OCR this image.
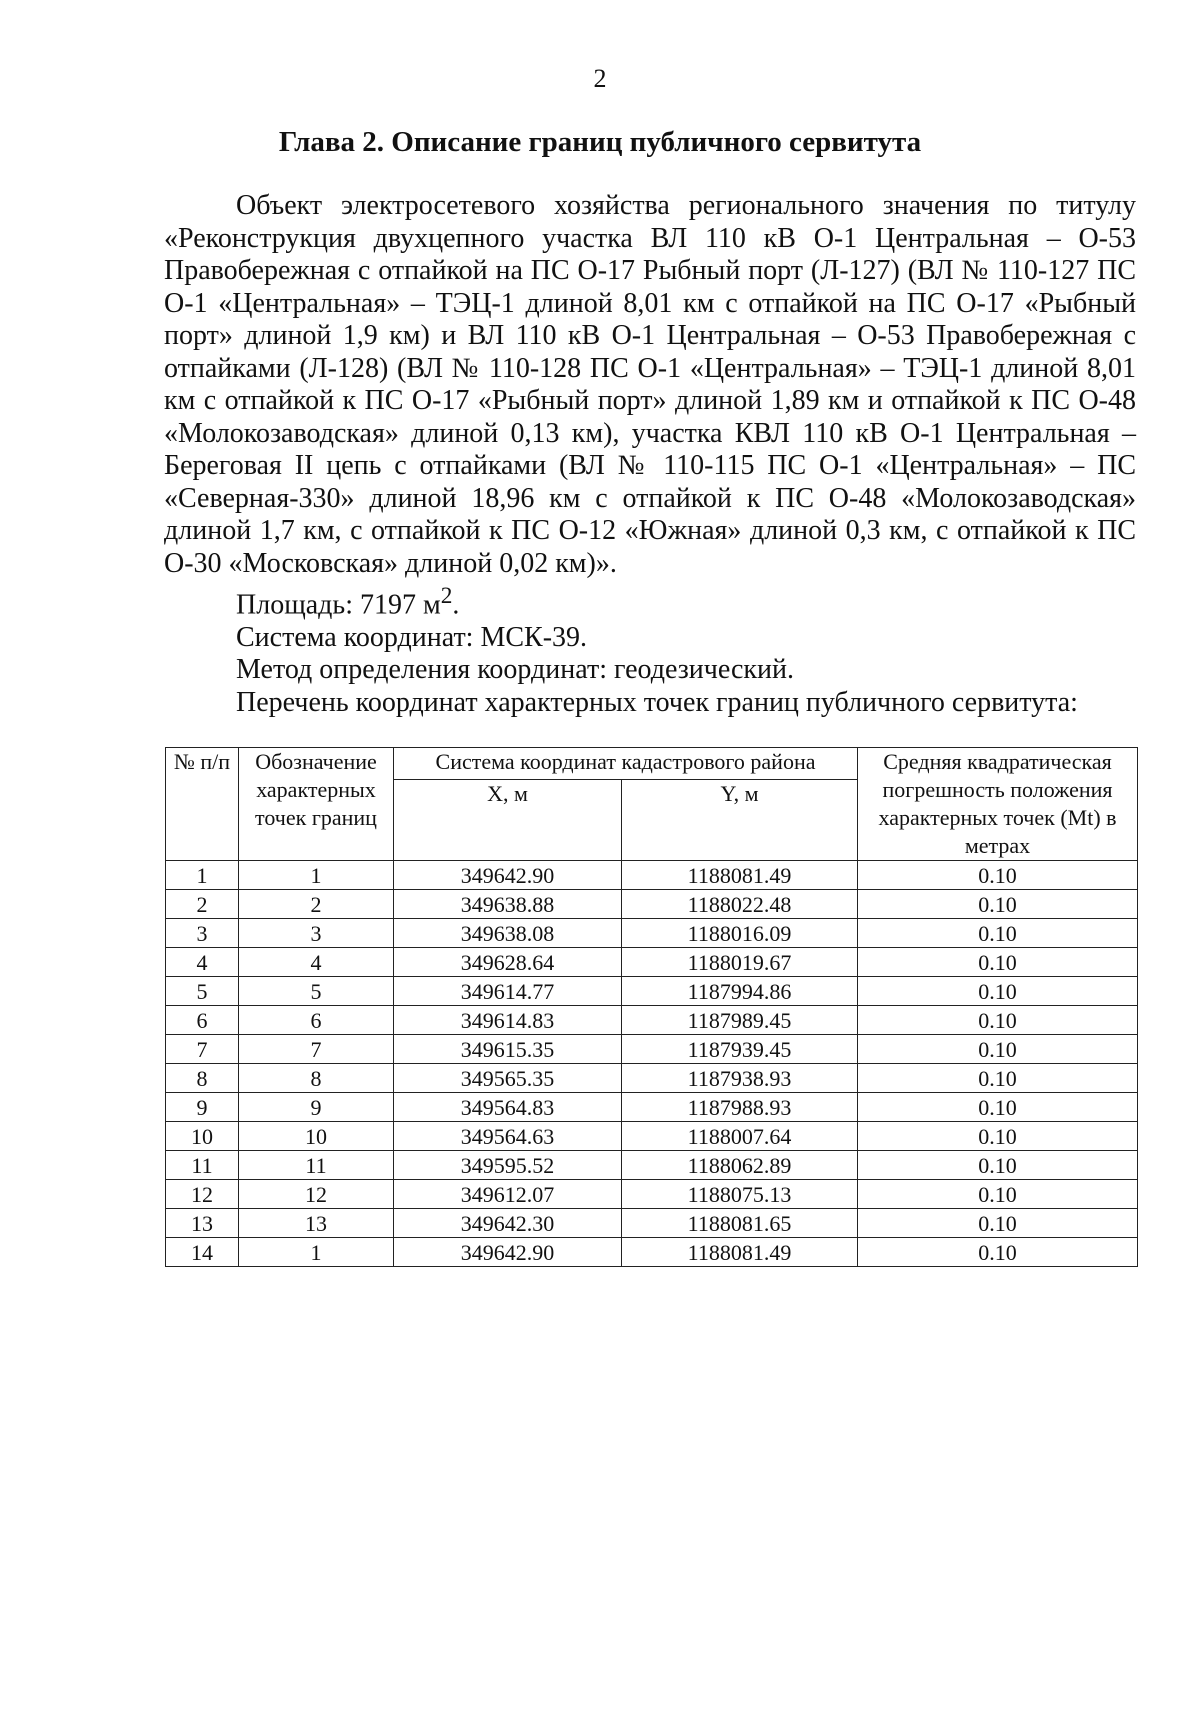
2
Глава 2. Описание границ публичного сервитута

Объект электросетевого хозяйства регионального значения по титулу «Реконструкция двухцепного участка ВЛ 110 кВ О-1 Центральная – О-53 Правобережная с отпайкой на ПС О-17 Рыбный порт (Л-127) (ВЛ № 110-127 ПС О-1 «Центральная» – ТЭЦ-1 длиной 8,01 км с отпайкой на ПС О-17 «Рыбный порт» длиной 1,9 км) и ВЛ 110 кВ О-1 Центральная – О-53 Правобережная с отпайками (Л-128) (ВЛ № 110-128 ПС О-1 «Центральная» – ТЭЦ-1 длиной 8,01 км с отпайкой к ПС О-17 «Рыбный порт» длиной 1,89 км и отпайкой к ПС О-48 «Молокозаводская» длиной 0,13 км), участка КВЛ 110 кВ О-1 Центральная – Береговая II цепь с отпайками (ВЛ № 110-115 ПС О-1 «Центральная» – ПС «Северная-330» длиной 18,96 км с отпайкой к ПС О-48 «Молокозаводская» длиной 1,7 км, с отпайкой к ПС О-12 «Южная» длиной 0,3 км, с отпайкой к ПС О-30 «Московская» длиной 0,02 км)».

Площадь: 7197 $м^2$.

Система координат: МСК-39.

Метод определения координат: геодезический.

Перечень координат характерных точек границ публичного сервитута:

№ п/п	Обозначение характерных точек границ	Система координат кадастрового района		Средняя квадратическая погрешность положения характерных точек (Mt) в метрах
		X, м	Y, м	
1	1	349642.90	1188081.49	0.10
2	2	349638.88	1188022.48	0.10
3	3	349638.08	1188016.09	0.10
4	4	349628.64	1188019.67	0.10
5	5	349614.77	1187994.86	0.10
6	6	349614.83	1187989.45	0.10
7	7	349615.35	1187939.45	0.10
8	8	349565.35	1187938.93	0.10
9	9	349564.83	1187988.93	0.10
10	10	349564.63	1188007.64	0.10
11	11	349595.52	1188062.89	0.10
12	12	349612.07	1188075.13	0.10
13	13	349642.30	1188081.65	0.10
14	1	349642.90	1188081.49	0.10
